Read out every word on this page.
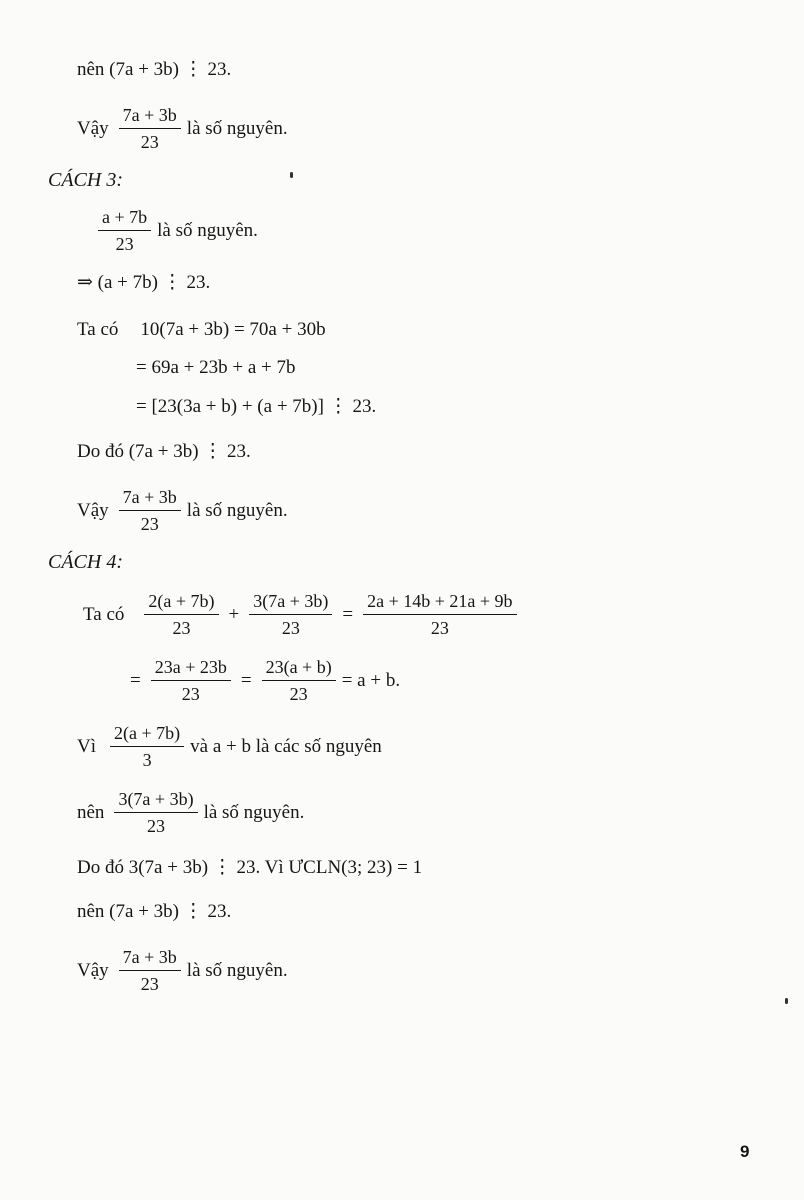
nên (7a + 3b) ⋮ 23.
Vậy $\frac{7a + 3b}{23}$ là số nguyên.
CÁCH 3:
$\frac{a + 7b}{23}$ là số nguyên.
⇒ (a + 7b) ⋮ 23.
Ta có 10(7a + 3b) = 70a + 30b
= 69a + 23b + a + 7b
= [23(3a + b) + (a + 7b)] ⋮ 23.
Do đó (7a + 3b) ⋮ 23.
Vậy $\frac{7a + 3b}{23}$ là số nguyên.
CÁCH 4:
Ta có $\frac{2(a + 7b)}{23} + \frac{3(7a + 3b)}{23} = \frac{2a + 14b + 21a + 9b}{23}$
= $\frac{23a + 23b}{23} = \frac{23(a + b)}{23} = a + b$.
Vì $\frac{2(a + 7b)}{3}$ và a + b là các số nguyên
nên $\frac{3(7a + 3b)}{23}$ là số nguyên.
Do đó 3(7a + 3b) ⋮ 23. Vì ƯCLN(3; 23) = 1
nên (7a + 3b) ⋮ 23.
Vậy $\frac{7a + 3b}{23}$ là số nguyên.
9
